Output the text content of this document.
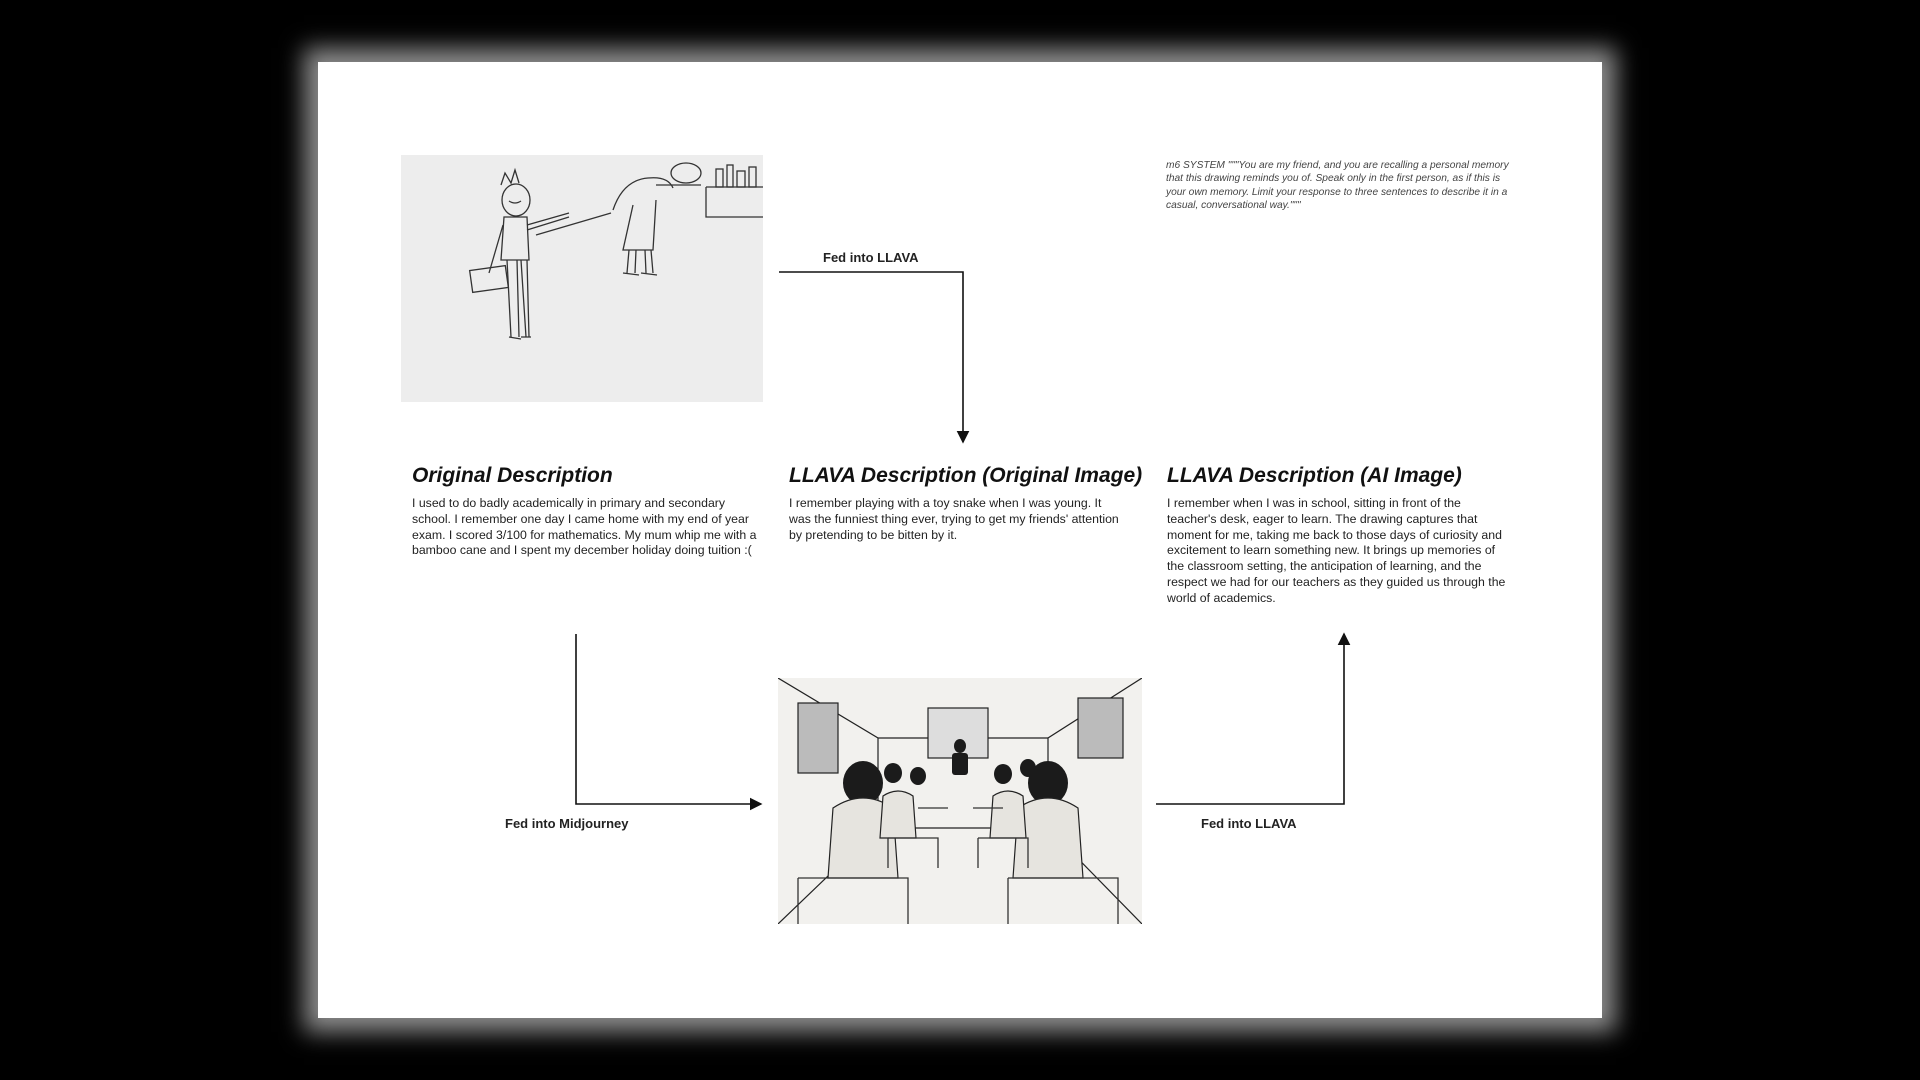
m6 SYSTEM """You are my friend, and you are recalling a personal memory that this drawing reminds you of. Speak only in the first person, as if this is your own memory. Limit your response to three sentences to describe it in a casual, conversational way."""
Original Description
I used to do badly academically in primary and secondary school. I remember one day I came home with my end of year exam. I scored 3/100 for mathematics. My mum whip me with a bamboo cane and I spent my december holiday doing tuition :(
LLAVA Description (Original Image)
I remember playing with a toy snake when I was young. It was the funniest thing ever, trying to get my friends' attention by pretending to be bitten by it.
LLAVA Description (AI Image)
I remember when I was in school, sitting in front of the teacher's desk, eager to learn. The drawing captures that moment for me, taking me back to those days of curiosity and excitement to learn something new. It brings up memories of the classroom setting, the anticipation of learning, and the respect we had for our teachers as they guided us through the world of academics.
Fed into LLAVA
Fed into Midjourney	Fed into LLAVA
